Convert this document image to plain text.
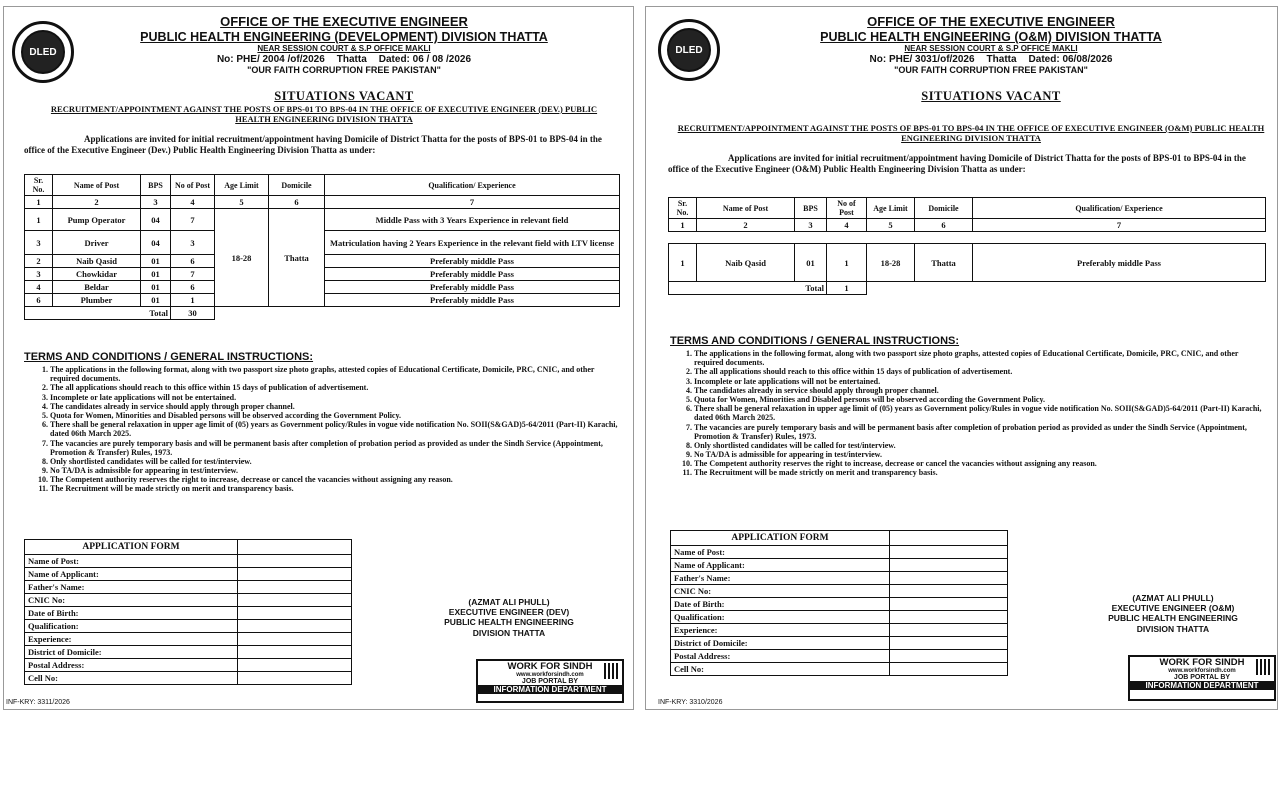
DLED
OFFICE OF THE EXECUTIVE ENGINEER
PUBLIC HEALTH ENGINEERING (DEVELOPMENT) DIVISION THATTA
NEAR SESSION COURT & S.P OFFICE MAKLI
No: PHE/ 2004 /of/2026 Thatta Dated: 06 / 08 /2026
"OUR FAITH CORRUPTION FREE PAKISTAN"
SITUATIONS VACANT
RECRUITMENT/APPOINTMENT AGAINST THE POSTS OF BPS-01 TO BPS-04 IN THE OFFICE OF EXECUTIVE ENGINEER (DEV.) PUBLIC HEALTH ENGINEERING DIVISION THATTA
Applications are invited for initial recruitment/appointment having Domicile of District Thatta for the posts of BPS-01 to BPS-04 in the office of the Executive Engineer (Dev.) Public Health Engineering Division Thatta as under:
Sr. No.	Name of Post	BPS	No of Post	Age Limit	Domicile	Qualification/ Experience
1	2	3	4	5	6	7
1	Pump Operator	04	7	18-28	Thatta	Middle Pass with 3 Years Experience in relevant field
3	Driver	04	3			Matriculation having 2 Years Experience in the relevant field with LTV license
2	Naib Qasid	01	6			Preferably middle Pass
3	Chowkidar	01	7			Preferably middle Pass
4	Beldar	01	6			Preferably middle Pass
6	Plumber	01	1			Preferably middle Pass
Total			30			
TERMS AND CONDITIONS / GENERAL INSTRUCTIONS:
1. The applications in the following format, along with two passport size photo graphs, attested copies of Educational Certificate, Domicile, PRC, CNIC, and other required documents.
2. The all applications should reach to this office within 15 days of publication of advertisement.
3. Incomplete or late applications will not be entertained.
4. The candidates already in service should apply through proper channel.
5. Quota for Women, Minorities and Disabled persons will be observed according the Government Policy.
6. There shall be general relaxation in upper age limit of (05) years as Government policy/Rules in vogue vide notification No. SOII(S&GAD)5-64/2011 (Part-II) Karachi, dated 06th March 2025.
7. The vacancies are purely temporary basis and will be permanent basis after completion of probation period as provided as under the Sindh Service (Appointment, Promotion & Transfer) Rules, 1973.
8. Only shortlisted candidates will be called for test/interview.
9. No TA/DA is admissible for appearing in test/interview.
10. The Competent authority reserves the right to increase, decrease or cancel the vacancies without assigning any reason.
11. The Recruitment will be made strictly on merit and transparency basis.
APPLICATION FORM	
Name of Post:	
Name of Applicant:	
Father's Name:	
CNIC No:	
Date of Birth:	
Qualification:	
Experience:	
District of Domicile:	
Postal Address:	
Cell No:	
(AZMAT ALI PHULL)
EXECUTIVE ENGINEER (DEV)
PUBLIC HEALTH ENGINEERING
DIVISION THATTA
WORK FOR SINDH
www.workforsindh.com
JOB PORTAL BY
INFORMATION DEPARTMENT
INF-KRY: 3311/2026
DLED
OFFICE OF THE EXECUTIVE ENGINEER
PUBLIC HEALTH ENGINEERING (O&M) DIVISION THATTA
NEAR SESSION COURT & S.P OFFICE MAKLI
No: PHE/ 3031/of/2026 Thatta Dated: 06/08/2026
"OUR FAITH CORRUPTION FREE PAKISTAN"
SITUATIONS VACANT
RECRUITMENT/APPOINTMENT AGAINST THE POSTS OF BPS-01 TO BPS-04 IN THE OFFICE OF EXECUTIVE ENGINEER (O&M) PUBLIC HEALTH ENGINEERING DIVISION THATTA
Applications are invited for initial recruitment/appointment having Domicile of District Thatta for the posts of BPS-01 to BPS-04 in the office of the Executive Engineer (O&M) Public Health Engineering Division Thatta as under:
Sr. No.	Name of Post	BPS	No of Post	Age Limit	Domicile	Qualification/ Experience
1	2	3	4	5	6	7

1	Naib Qasid	01	1	18-28	Thatta	Preferably middle Pass
Total			1			
TERMS AND CONDITIONS / GENERAL INSTRUCTIONS:
1. The applications in the following format, along with two passport size photo graphs, attested copies of Educational Certificate, Domicile, PRC, CNIC, and other required documents.
2. The all applications should reach to this office within 15 days of publication of advertisement.
3. Incomplete or late applications will not be entertained.
4. The candidates already in service should apply through proper channel.
5. Quota for Women, Minorities and Disabled persons will be observed according the Government Policy.
6. There shall be general relaxation in upper age limit of (05) years as Government policy/Rules in vogue vide notification No. SOII(S&GAD)5-64/2011 (Part-II) Karachi, dated 06th March 2025.
7. The vacancies are purely temporary basis and will be permanent basis after completion of probation period as provided as under the Sindh Service (Appointment, Promotion & Transfer) Rules, 1973.
8. Only shortlisted candidates will be called for test/interview.
9. No TA/DA is admissible for appearing in test/interview.
10. The Competent authority reserves the right to increase, decrease or cancel the vacancies without assigning any reason.
11. The Recruitment will be made strictly on merit and transparency basis.
APPLICATION FORM	
Name of Post:	
Name of Applicant:	
Father's Name:	
CNIC No:	
Date of Birth:	
Qualification:	
Experience:	
District of Domicile:	
Postal Address:	
Cell No:	
(AZMAT ALI PHULL)
EXECUTIVE ENGINEER (O&M)
PUBLIC HEALTH ENGINEERING
DIVISION THATTA
WORK FOR SINDH
www.workforsindh.com
JOB PORTAL BY
INFORMATION DEPARTMENT
INF-KRY: 3310/2026
